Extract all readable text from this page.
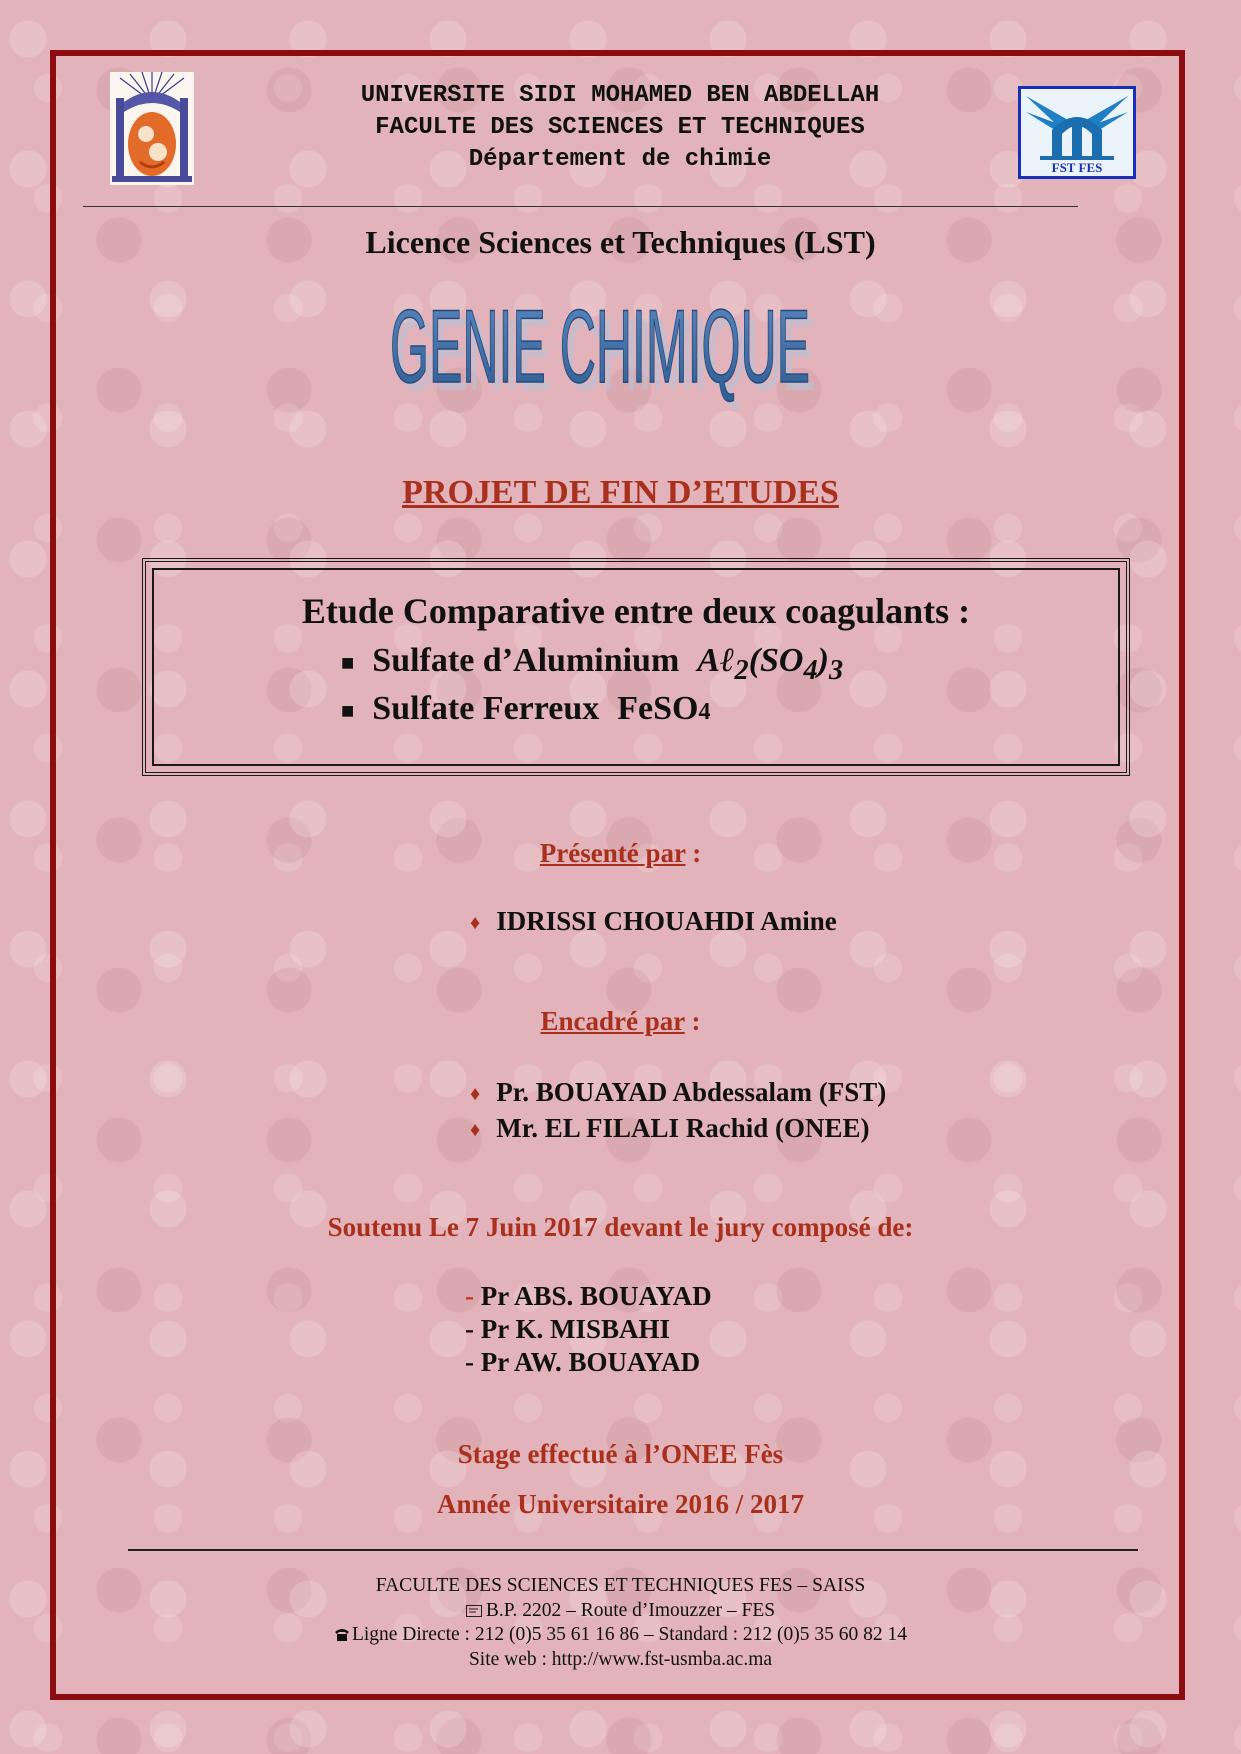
UNIVERSITE SIDI MOHAMED BEN ABDELLAH
FACULTE DES SCIENCES ET TECHNIQUES
Département de chimie	FST FES
Licence Sciences et Techniques (LST)
GENIE CHIMIQUE
GENIE CHIMIQUE
PROJET DE FIN D’ETUDES
Etude Comparative entre deux coagulants :
■ Sulfate d’Aluminium $A\ell_2(SO_4)_3$
■ Sulfate Ferreux FeSO4
Présenté par :
♦ IDRISSI CHOUAHDI Amine
Encadré par :
♦ Pr. BOUAYAD Abdessalam (FST)
♦ Mr. EL FILALI Rachid (ONEE)
Soutenu Le 7 Juin 2017 devant le jury composé de:
- Pr ABS. BOUAYAD
- Pr K. MISBAHI
- Pr AW. BOUAYAD
Stage effectué à l’ONEE Fès
Année Universitaire 2016 / 2017
FACULTE DES SCIENCES ET TECHNIQUES FES – SAISS
B.P. 2202 – Route d’Imouzzer – FES
Ligne Directe : 212 (0)5 35 61 16 86 – Standard : 212 (0)5 35 60 82 14
Site web : http://www.fst-usmba.ac.ma
